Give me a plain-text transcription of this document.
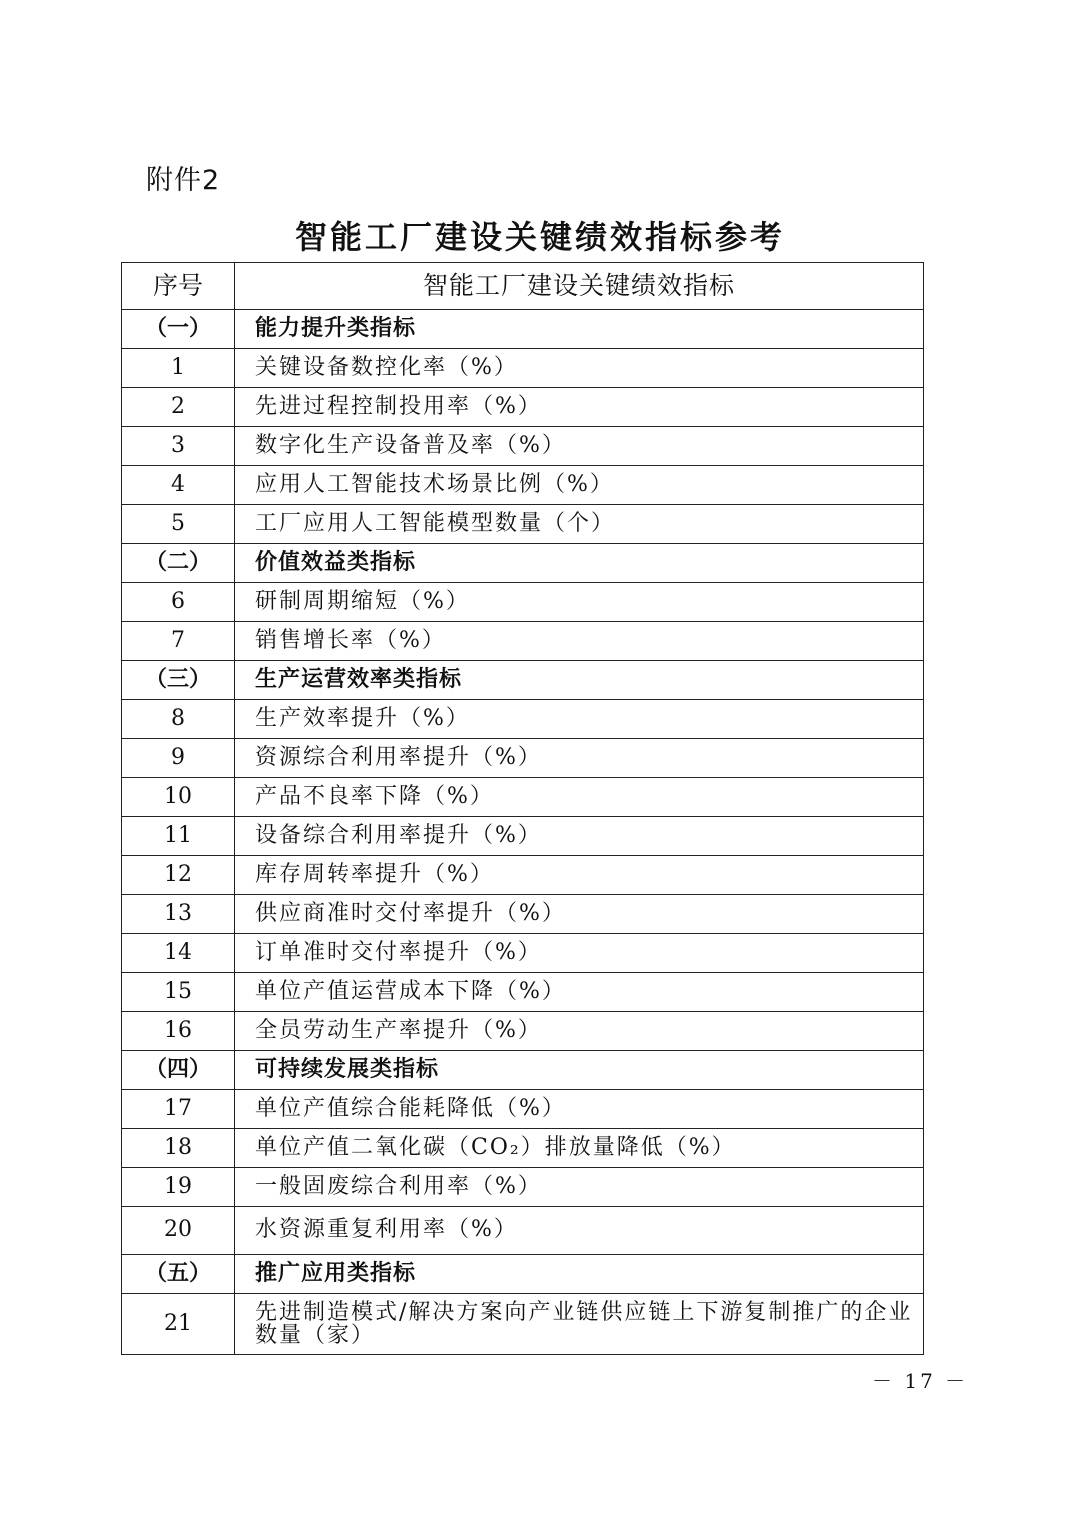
附件2
智能工厂建设关键绩效指标参考
序号	智能工厂建设关键绩效指标
（一）	能力提升类指标
1	关键设备数控化率（%）
2	先进过程控制投用率（%）
3	数字化生产设备普及率（%）
4	应用人工智能技术场景比例（%）
5	工厂应用人工智能模型数量（个）
（二）	价值效益类指标
6	研制周期缩短（%）
7	销售增长率（%）
（三）	生产运营效率类指标
8	生产效率提升（%）
9	资源综合利用率提升（%）
10	产品不良率下降（%）
11	设备综合利用率提升（%）
12	库存周转率提升（%）
13	供应商准时交付率提升（%）
14	订单准时交付率提升（%）
15	单位产值运营成本下降（%）
16	全员劳动生产率提升（%）
（四）	可持续发展类指标
17	单位产值综合能耗降低（%）
18	单位产值二氧化碳（CO₂）排放量降低（%）
19	一般固废综合利用率（%）
20	水资源重复利用率（%）
（五）	推广应用类指标
21	先进制造模式/解决方案向产业链供应链上下游复制推广的企业数量（家）
－ 17 －
